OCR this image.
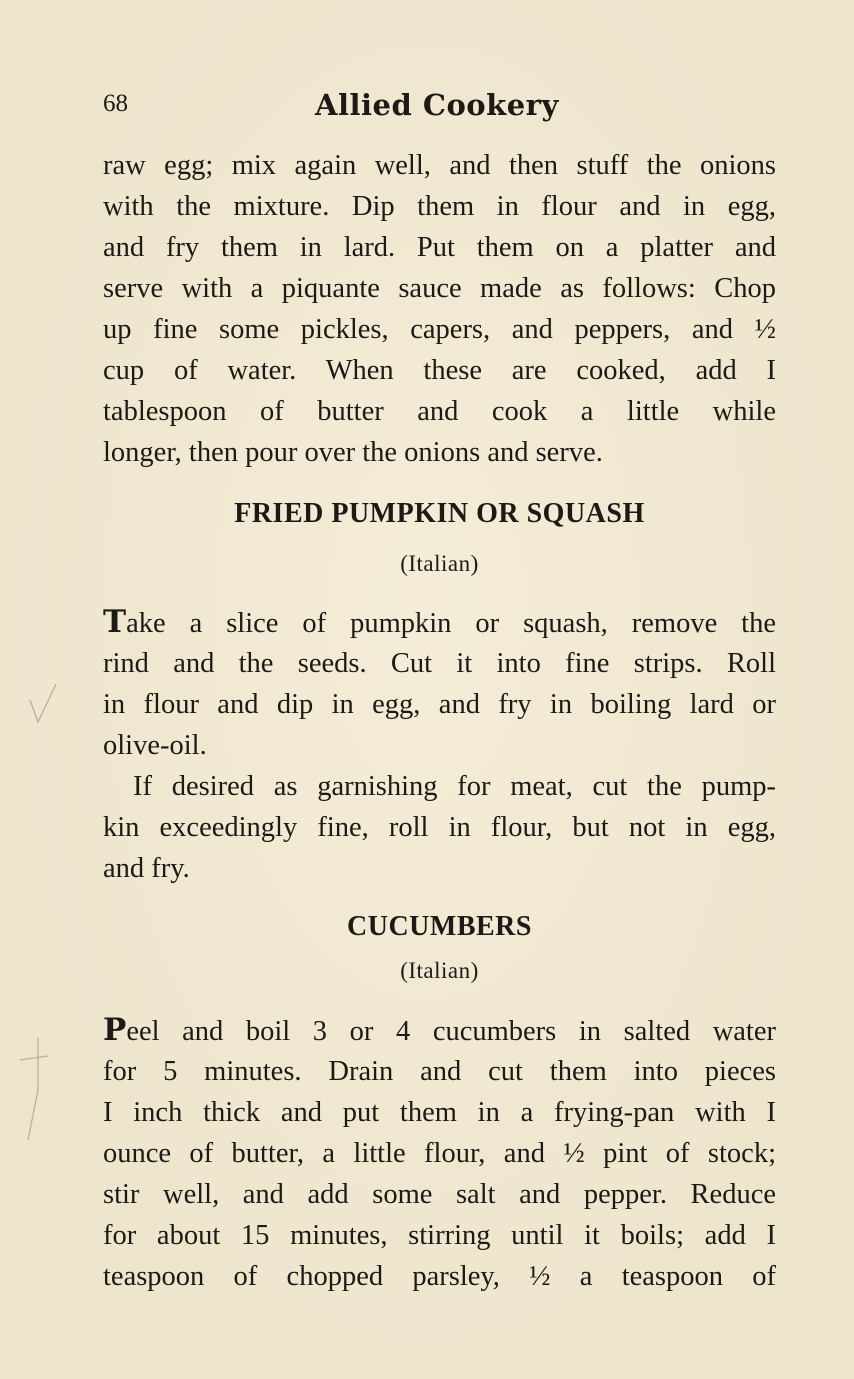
68	Allied Cookery
raw egg; mix again well, and then stuff the onions
with the mixture. Dip them in flour and in egg,
and fry them in lard. Put them on a platter and
serve with a piquante sauce made as follows: Chop
up fine some pickles, capers, and peppers, and ½
cup of water. When these are cooked, add I
tablespoon of butter and cook a little while
longer, then pour over the onions and serve.
FRIED PUMPKIN OR SQUASH
(Italian)
Take a slice of pumpkin or squash, remove the
rind and the seeds. Cut it into fine strips. Roll
in flour and dip in egg, and fry in boiling lard or
olive-oil.
If desired as garnishing for meat, cut the pump-
kin exceedingly fine, roll in flour, but not in egg,
and fry.
CUCUMBERS
(Italian)
Peel and boil 3 or 4 cucumbers in salted water
for 5 minutes. Drain and cut them into pieces
I inch thick and put them in a frying-pan with I
ounce of butter, a little flour, and ½ pint of stock;
stir well, and add some salt and pepper. Reduce
for about 15 minutes, stirring until it boils; add I
teaspoon of chopped parsley, ½ a teaspoon of
